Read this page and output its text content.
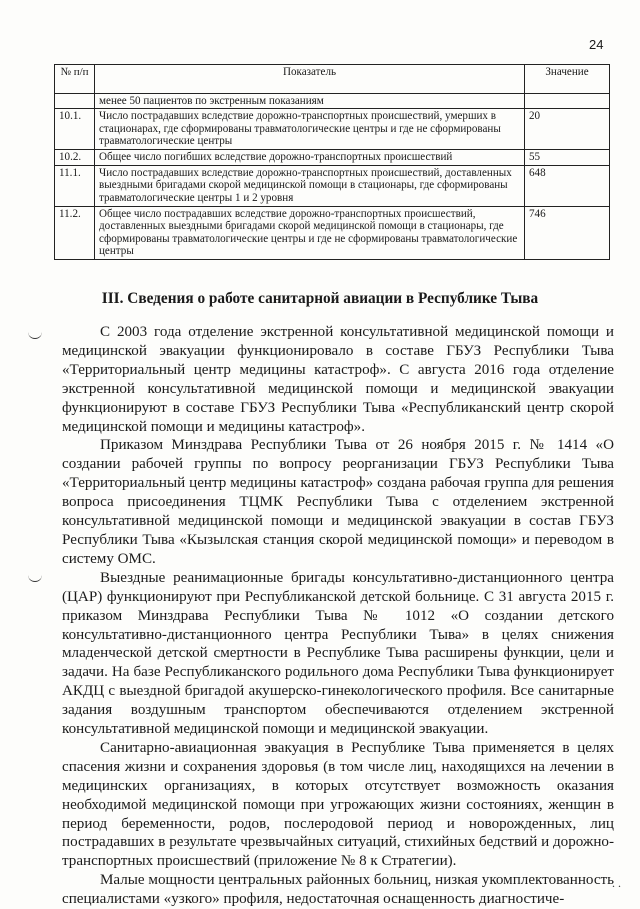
24
№ п/п	Показатель	Значение
	менее 50 пациентов по экстренным показаниям	
10.1.	Число пострадавших вследствие дорожно-транспортных происшествий, умерших в стационарах, где сформированы травматологические центры и где не сформированы травматологические центры	20
10.2.	Общее число погибших вследствие дорожно-транспортных происшествий	55
11.1.	Число пострадавших вследствие дорожно-транспортных происшествий, доставленных выездными бригадами скорой медицинской помощи в стационары, где сформированы травматологические центры 1 и 2 уровня	648
11.2.	Общее число пострадавших вследствие дорожно-транспортных происшествий, доставленных выездными бригадами скорой медицинской помощи в стационары, где сформированы травматологические центры и где не сформированы травматологические центры	746
III. Сведения о работе санитарной авиации в Республике Тыва

С 2003 года отделение экстренной консультативной медицинской помощи и медицинской эвакуации функционировало в составе ГБУЗ Республики Тыва «Территориальный центр медицины катастроф». С августа 2016 года отделение экстренной консультативной медицинской помощи и медицинской эвакуации функционируют в составе ГБУЗ Республики Тыва «Республиканский центр скорой медицинской помощи и медицины катастроф».

Приказом Минздрава Республики Тыва от 26 ноября 2015 г. № 1414 «О создании рабочей группы по вопросу реорганизации ГБУЗ Республики Тыва «Территориальный центр медицины катастроф» создана рабочая группа для решения вопроса присоединения ТЦМК Республики Тыва с отделением экстренной консультативной медицинской помощи и медицинской эвакуации в состав ГБУЗ Республики Тыва «Кызылская станция скорой медицинской помощи» и переводом в систему ОМС.

Выездные реанимационные бригады консультативно-дистанционного центра (ЦАР) функционируют при Республиканской детской больнице. С 31 августа 2015 г. приказом Минздрава Республики Тыва № 1012 «О создании детского консультативно-дистанционного центра Республики Тыва» в целях снижения младенческой детской смертности в Республике Тыва расширены функции, цели и задачи. На базе Республиканского родильного дома Республики Тыва функционирует АКДЦ с выездной бригадой акушерско-гинекологического профиля. Все санитарные задания воздушным транспортом обеспечиваются отделением экстренной консультативной медицинской помощи и медицинской эвакуации.

Санитарно-авиационная эвакуация в Республике Тыва применяется в целях спасения жизни и сохранения здоровья (в том числе лиц, находящихся на лечении в медицинских организациях, в которых отсутствует возможность оказания необходимой медицинской помощи при угрожающих жизни состояниях, женщин в период беременности, родов, послеродовой период и новорожденных, лиц пострадавших в результате чрезвычайных ситуаций, стихийных бедствий и дорожно-транспортных происшествий (приложение № 8 к Стратегии).

Малые мощности центральных районных больниц, низкая укомплектованность специалистами «узкого» профиля, недостаточная оснащенность диагностиче-

. .
